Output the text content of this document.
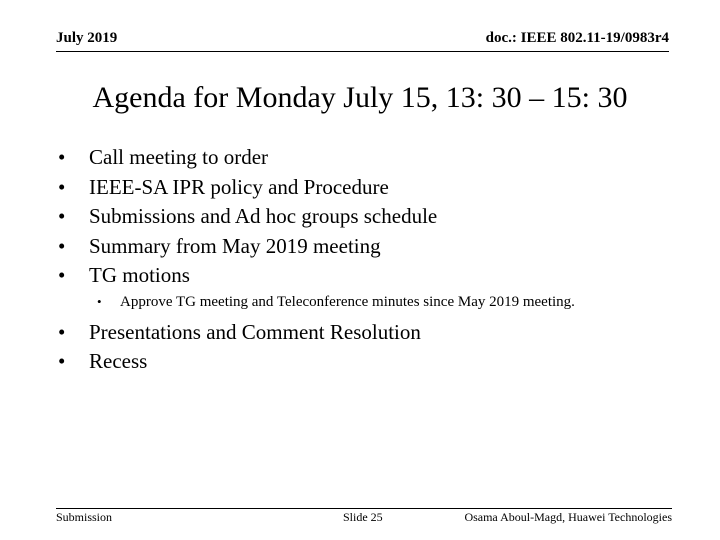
July 2019	doc.: IEEE 802.11-19/0983r4
Agenda for Monday July 15, 13: 30 – 15: 30
• Call meeting to order
• IEEE-SA IPR policy and Procedure
• Submissions and Ad hoc groups schedule
• Summary from May 2019 meeting
• TG motions
• Approve TG meeting and Teleconference minutes since May 2019 meeting.
• Presentations and Comment Resolution
• Recess
Submission	Slide 25	Osama Aboul-Magd, Huawei Technologies
